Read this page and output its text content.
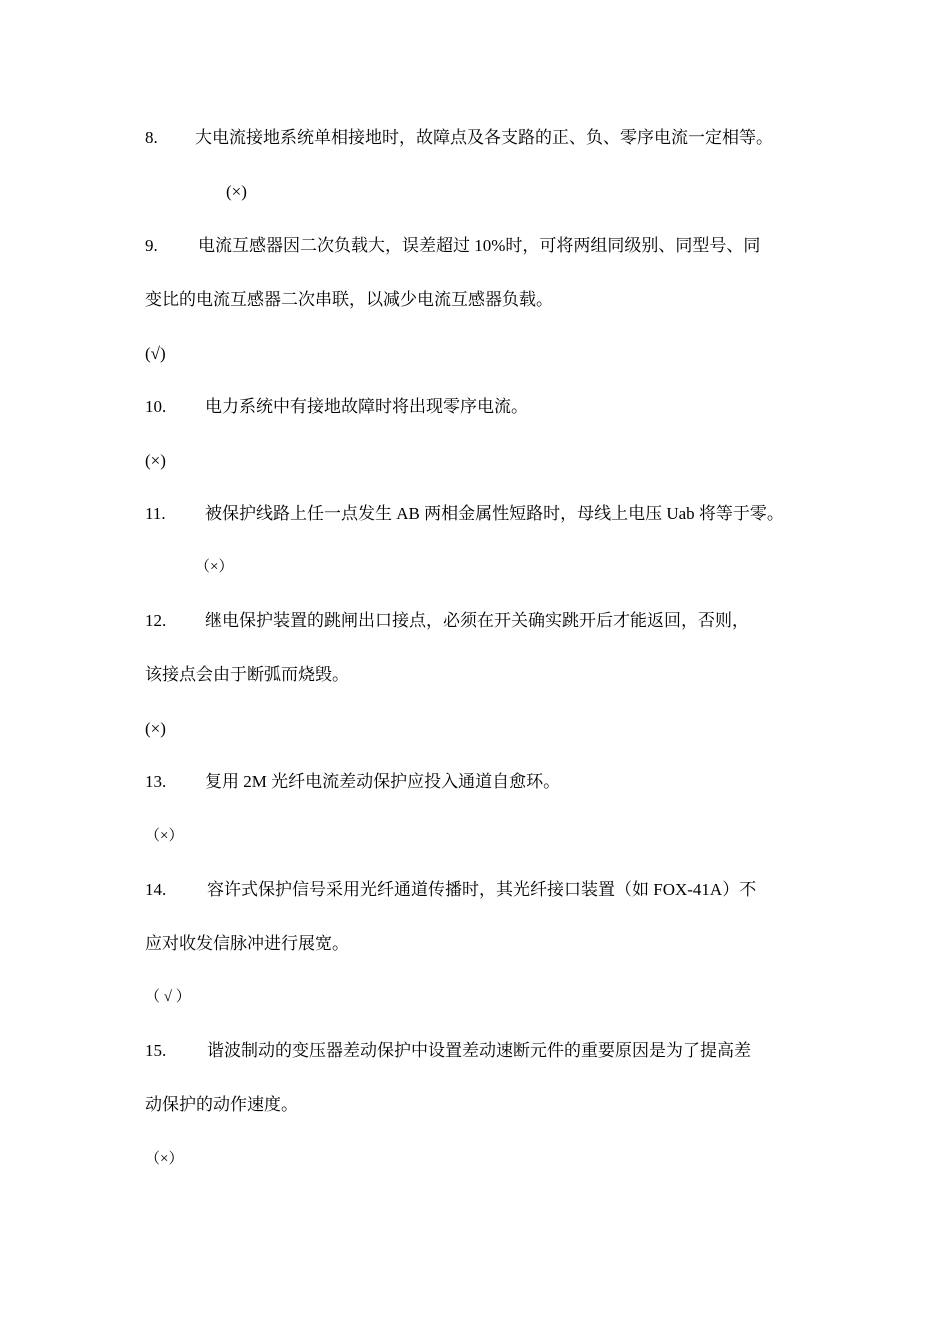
8. 大电流接地系统单相接地时，故障点及各支路的正、负、零序电流一定相等。
(×)
9. 电流互感器因二次负载大，误差超过 10%时，可将两组同级别、同型号、同
变比的电流互感器二次串联，以减少电流互感器负载。
(√)
10. 电力系统中有接地故障时将出现零序电流。
(×)
11. 被保护线路上任一点发生 AB 两相金属性短路时，母线上电压 Uab 将等于零。
（×）
12. 继电保护装置的跳闸出口接点，必须在开关确实跳开后才能返回，否则，
该接点会由于断弧而烧毁。
(×)
13. 复用 2M 光纤电流差动保护应投入通道自愈环。
（×）
14. 容许式保护信号采用光纤通道传播时，其光纤接口装置（如 FOX-41A）不
应对收发信脉冲进行展宽。
（ √ ）
15. 谐波制动的变压器差动保护中设置差动速断元件的重要原因是为了提高差
动保护的动作速度。
（×）
